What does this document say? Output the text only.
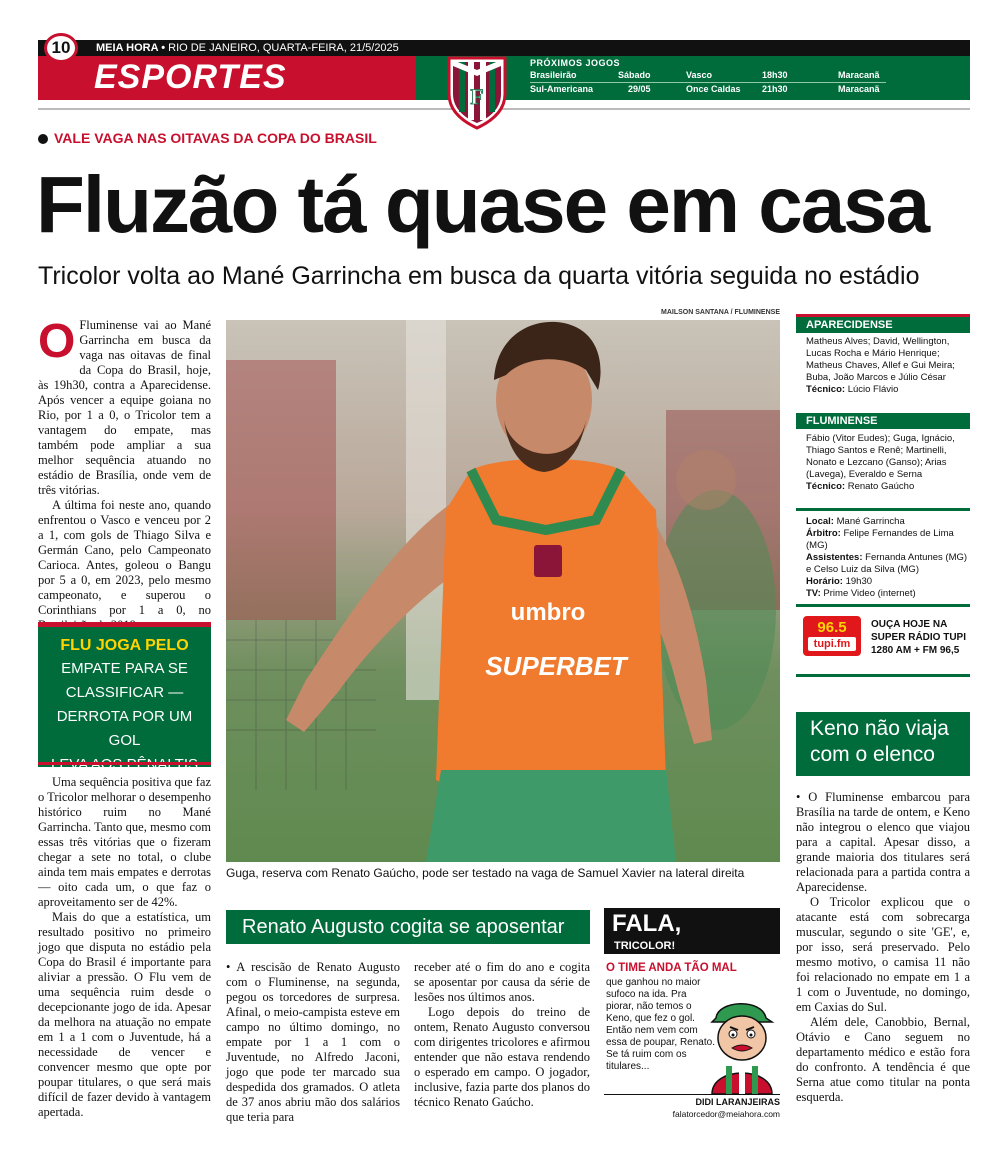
10	MEIA HORA • RIO DE JANEIRO, QUARTA-FEIRA, 21/5/2025
ESPORTES
F
PRÓXIMOS JOGOS
Brasileirão	Sábado	Vasco	18h30	Maracanã
Sul-Americana	29/05	Once Caldas 21h30	Maracanã
VALE VAGA NAS OITAVAS DA COPA DO BRASIL
Fluzão tá quase em casa
Tricolor volta ao Mané Garrincha em busca da quarta vitória seguida no estádio
O Fluminense vai ao Mané Garrincha em busca da vaga nas oitavas de final da Copa do Brasil, hoje, às 19h30, contra a Aparecidense. Após vencer a equipe goiana no Rio, por 1 a 0, o Tricolor tem a vantagem do empate, mas também pode ampliar a sua melhor sequência atuando no estádio de Brasília, onde vem de três vitórias.

A última foi neste ano, quando enfrentou o Vasco e venceu por 2 a 1, com gols de Thiago Silva e Germán Cano, pelo Campeonato Carioca. Antes, goleou o Bangu por 5 a 0, em 2023, pelo mesmo campeonato, e superou o Corinthians por 1 a 0, no

FLU JOGA PELO
EMPATE PARA SE
CLASSIFICAR —
DERROTA POR UM GOL

Uma sequência positiva que faz o Tricolor melhorar o desempenho histórico ruim no Mané Garrincha. Tanto que, mesmo com essas três vitórias que o fizeram chegar a sete no total, o clube ainda tem mais empates e derrotas — oito cada um, o que faz o aproveitamento ser de 42%.

Mais do que a estatística, um resultado positivo no primeiro jogo que disputa no estádio pela Copa do Brasil é importante para aliviar a pressão. O Flu vem de uma sequência ruim desde o decepcionante jogo de ida. Apesar da melhora na atuação no empate em 1 a 1 com o Juventude, há a necessidade de vencer e convencer mesmo que opte por poupar titulares, o que será mais difícil de fazer devido à vantagem apertada.

MAILSON SANTANA / FLUMINENSE
umbro
SUPERBET
Guga, reserva com Renato Gaúcho, pode ser testado na vaga de Samuel Xavier na lateral direita
APARECIDENSE
Matheus Alves; David, Wellington, Lucas Rocha e Mário Henrique; Matheus Chaves, Allef e Gui Meira; Buba, João Marcos e Júlio César
Técnico: Lúcio Flávio
FLUMINENSE
Fábio (Vitor Eudes); Guga, Ignácio, Thiago Santos e Renê; Martinelli, Nonato e Lezcano (Ganso); Arias (Lavega), Everaldo e Serna
Técnico: Renato Gaúcho
Local: Mané Garrincha
Árbitro: Felipe Fernandes de Lima (MG)
Assistentes: Fernanda Antunes (MG) e Celso Luiz da Silva (MG)
Horário: 19h30
TV: Prime Video (internet)
96.5
tupi.fm
OUÇA HOJE NA
SUPER RÁDIO TUPI
1280 AM + FM 96,5
Keno não viaja
com o elenco

• O Fluminense embarcou para Brasília na tarde de ontem, e Keno não integrou o elenco que viajou para a capital. Apesar disso, a grande maioria dos titulares será relacionada para a partida contra a Aparecidense.

O Tricolor explicou que o atacante está com sobrecarga muscular, segundo o site 'GE', e, por isso, será preservado. Pelo mesmo motivo, o camisa 11 não foi relacionado no empate em 1 a 1 com o Juventude, no domingo, em Caxias do Sul.

Além dele, Canobbio, Bernal, Otávio e Cano seguem no departamento médico e estão fora do confronto. A tendência é que Serna atue como titular na ponta esquerda.

Renato Augusto cogita se aposentar

• A rescisão de Renato Augusto com o Fluminense, na segunda, pegou os torcedores de surpresa. Afinal, o meio-campista esteve em campo no último domingo, no empate por 1 a 1 com o Juventude, no Alfredo Jaconi, jogo que pode ter marcado sua despedida dos gramados. O atleta de 37 anos abriu mão dos salários que teria para

receber até o fim do ano e cogita se aposentar por causa da série de lesões nos últimos anos.

Logo depois do treino de ontem, Renato Augusto conversou com dirigentes tricolores e afirmou entender que não estava rendendo o esperado em campo. O jogador, inclusive, fazia parte dos planos do técnico Renato Gaúcho.

FALA,
TRICOLOR!
O TIME ANDA TÃO MAL
que ganhou no maior sufoco na ida. Pra piorar, não temos o Keno, que fez o gol. Então nem vem com essa de poupar, Renato. Se tá ruim com os titulares...
DIDI LARANJEIRAS
falatorcedor@meiahora.com
